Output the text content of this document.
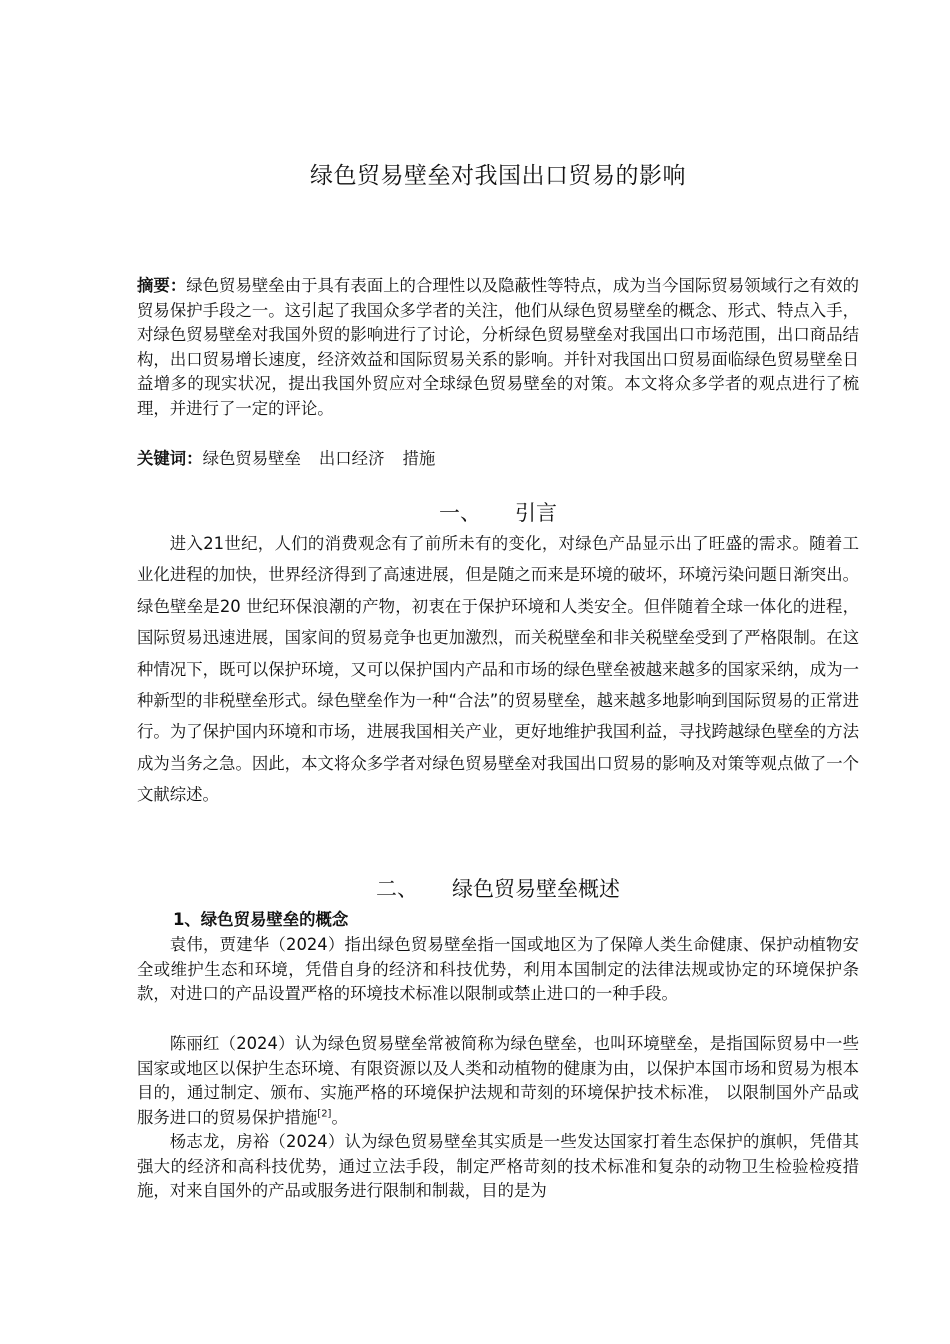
绿色贸易壁垒对我国出口贸易的影响
摘要：绿色贸易壁垒由于具有表面上的合理性以及隐蔽性等特点，成为当今国际贸易领域行之有效的贸易保护手段之一。这引起了我国众多学者的关注，他们从绿色贸易壁垒的概念、形式、特点入手，对绿色贸易壁垒对我国外贸的影响进行了讨论，分析绿色贸易壁垒对我国出口市场范围，出口商品结构，出口贸易增长速度，经济效益和国际贸易关系的影响。并针对我国出口贸易面临绿色贸易壁垒日益增多的现实状况，提出我国外贸应对全球绿色贸易壁垒的对策。本文将众多学者的观点进行了梳理，并进行了一定的评论。
关键词：绿色贸易壁垒 出口经济 措施
一、 引言

进入21世纪，人们的消费观念有了前所未有的变化，对绿色产品显示出了旺盛的需求。随着工业化进程的加快，世界经济得到了高速进展，但是随之而来是环境的破坏，环境污染问题日渐突出。绿色壁垒是20 世纪环保浪潮的产物，初衷在于保护环境和人类安全。但伴随着全球一体化的进程，国际贸易迅速进展，国家间的贸易竞争也更加激烈，而关税壁垒和非关税壁垒受到了严格限制。在这种情况下，既可以保护环境，又可以保护国内产品和市场的绿色壁垒被越来越多的国家采纳，成为一种新型的非税壁垒形式。绿色壁垒作为一种“合法”的贸易壁垒，越来越多地影响到国际贸易的正常进行。为了保护国内环境和市场，进展我国相关产业，更好地维护我国利益，寻找跨越绿色壁垒的方法成为当务之急。因此，本文将众多学者对绿色贸易壁垒对我国出口贸易的影响及对策等观点做了一个文献综述。

二、 绿色贸易壁垒概述
1、绿色贸易壁垒的概念

袁伟，贾建华（2024）指出绿色贸易壁垒指一国或地区为了保障人类生命健康、保护动植物安全或维护生态和环境，凭借自身的经济和科技优势，利用本国制定的法律法规或协定的环境保护条款，对进口的产品设置严格的环境技术标准以限制或禁止进口的一种手段。

陈丽红（2024）认为绿色贸易壁垒常被简称为绿色壁垒，也叫环境壁垒，是指国际贸易中一些国家或地区以保护生态环境、有限资源以及人类和动植物的健康为由，以保护本国市场和贸易为根本目的，通过制定、颁布、实施严格的环境保护法规和苛刻的环境保护技术标准， 以限制国外产品或服务进口的贸易保护措施[2]。

杨志龙，房裕（2024）认为绿色贸易壁垒其实质是一些发达国家打着生态保护的旗帜，凭借其强大的经济和高科技优势，通过立法手段，制定严格苛刻的技术标准和复杂的动物卫生检验检疫措施，对来自国外的产品或服务进行限制和制裁，目的是为
